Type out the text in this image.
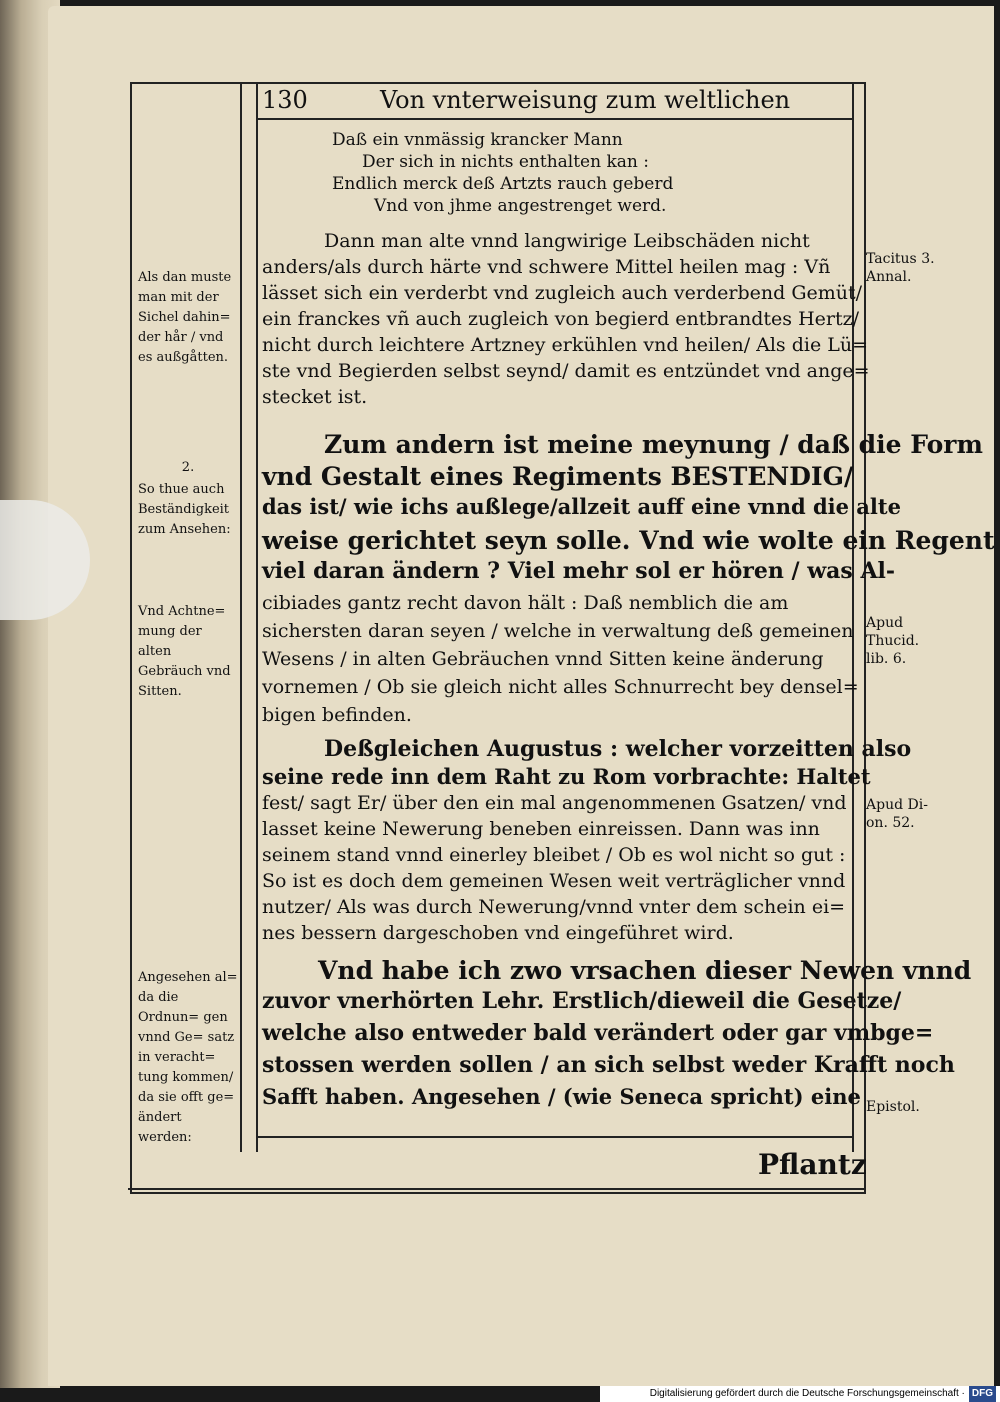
130	Von vnterweisung zum weltlichen
Daß ein vnmässig krancker Mann
Der sich in nichts enthalten kan :
Endlich merck deß Artzts rauch geberd
Vnd von jhme angestrenget werd.
Dann man alte vnnd langwirige Leibschäden nicht
anders/als durch härte vnd schwere Mittel heilen mag : Vñ
lässet sich ein verderbt vnd zugleich auch verderbend Gemüt/
ein franckes vñ auch zugleich von begierd entbrandtes Hertz/
nicht durch leichtere Artzney erkühlen vnd heilen/ Als die Lü=
ste vnd Begierden selbst seynd/ damit es entzündet vnd ange=
stecket ist.
Zum andern ist meine meynung / daß die Form
vnd Gestalt eines Regiments BESTENDIG/
das ist/ wie ichs außlege/allzeit auff eine vnnd die alte
weise gerichtet seyn solle. Vnd wie wolte ein Regent
viel daran ändern ? Viel mehr sol er hören / was Al-
cibiades gantz recht davon hält : Daß nemblich die am
sichersten daran seyen / welche in verwaltung deß gemeinen
Wesens / in alten Gebräuchen vnnd Sitten keine änderung
vornemen / Ob sie gleich nicht alles Schnurrecht bey densel=
bigen befinden.
Deßgleichen Augustus : welcher vorzeitten also
seine rede inn dem Raht zu Rom vorbrachte: Haltet
fest/ sagt Er/ über den ein mal angenommenen Gsatzen/ vnd
lasset keine Newerung beneben einreissen. Dann was inn
seinem stand vnnd einerley bleibet / Ob es wol nicht so gut :
So ist es doch dem gemeinen Wesen weit verträglicher vnnd
nutzer/ Als was durch Newerung/vnnd vnter dem schein ei=
nes bessern dargeschoben vnd eingeführet wird.
Vnd habe ich zwo vrsachen dieser Newen vnnd
zuvor vnerhörten Lehr. Erstlich/dieweil die Gesetze/
welche also entweder bald verändert oder gar vmbge=
stossen werden sollen / an sich selbst weder Krafft noch
Safft haben. Angesehen / (wie Seneca spricht) eine
Als dan muste man mit der Sichel dahin= der hår / vnd es außgåtten.
2.
So thue auch Beständigkeit zum Ansehen:
Vnd Achtne= mung der alten Gebräuch vnd Sitten.
Angesehen al= da die Ordnun= gen vnnd Ge= satz in veracht= tung kommen/ da sie offt ge= ändert werden:
Tacitus 3. Annal.
Apud Thucid. lib. 6.
Apud Di- on. 52.
Epistol.
Pflantz
Digitalisierung gefördert durch die Deutsche Forschungsgemeinschaft · DFG
